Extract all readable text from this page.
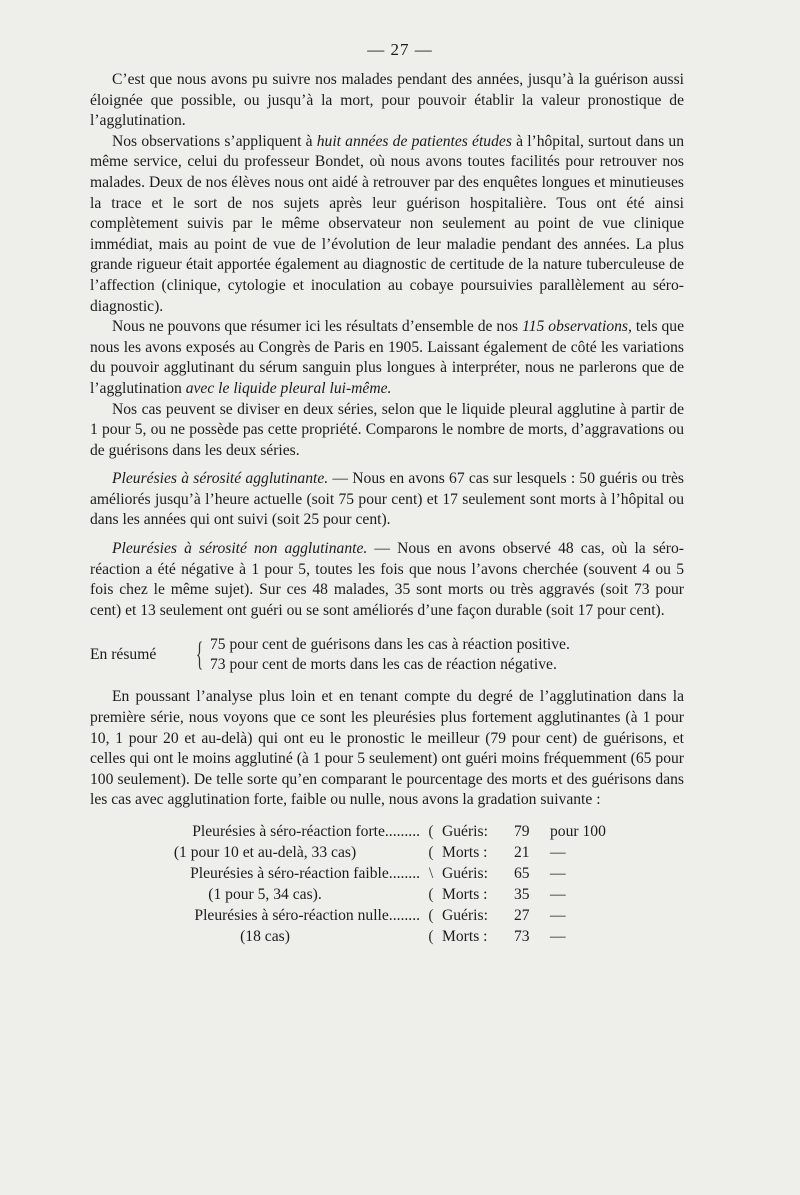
— 27 —

C’est que nous avons pu suivre nos malades pendant des années, jusqu’à la guérison aussi éloignée que possible, ou jusqu’à la mort, pour pouvoir établir la valeur pronostique de l’agglutination.

Nos observations s’appliquent à huit années de patientes études à l’hôpital, surtout dans un même service, celui du professeur Bondet, où nous avons toutes facilités pour retrouver nos malades. Deux de nos élèves nous ont aidé à retrouver par des enquêtes longues et minutieuses la trace et le sort de nos sujets après leur guérison hospitalière. Tous ont été ainsi complètement suivis par le même observateur non seulement au point de vue clinique immédiat, mais au point de vue de l’évolution de leur maladie pendant des années. La plus grande rigueur était apportée également au diagnostic de certitude de la nature tuberculeuse de l’affection (clinique, cytologie et inoculation au cobaye poursuivies parallèlement au séro-diagnostic).

Nous ne pouvons que résumer ici les résultats d’ensemble de nos 115 observations, tels que nous les avons exposés au Congrès de Paris en 1905. Laissant également de côté les variations du pouvoir agglutinant du sérum sanguin plus longues à interpréter, nous ne parlerons que de l’agglutination avec le liquide pleural lui-même.

Nos cas peuvent se diviser en deux séries, selon que le liquide pleural agglutine à partir de 1 pour 5, ou ne possède pas cette propriété. Comparons le nombre de morts, d’aggravations ou de guérisons dans les deux séries.

Pleurésies à sérosité agglutinante. — Nous en avons 67 cas sur lesquels : 50 guéris ou très améliorés jusqu’à l’heure actuelle (soit 75 pour cent) et 17 seulement sont morts à l’hôpital ou dans les années qui ont suivi (soit 25 pour cent).

Pleurésies à sérosité non agglutinante. — Nous en avons observé 48 cas, où la séro-réaction a été négative à 1 pour 5, toutes les fois que nous l’avons cherchée (souvent 4 ou 5 fois chez le même sujet). Sur ces 48 malades, 35 sont morts ou très aggravés (soit 73 pour cent) et 13 seulement ont guéri ou se sont améliorés d’une façon durable (soit 17 pour cent).

En résumé	{ 75 pour cent de guérisons dans les cas à réaction positive.
73 pour cent de morts dans les cas de réaction négative.

En poussant l’analyse plus loin et en tenant compte du degré de l’agglutination dans la première série, nous voyons que ce sont les pleurésies plus fortement agglutinantes (à 1 pour 10, 1 pour 20 et au-delà) qui ont eu le pronostic le meilleur (79 pour cent) de guérisons, et celles qui ont le moins agglutiné (à 1 pour 5 seulement) ont guéri moins fréquemment (65 pour 100 seulement). De telle sorte qu’en comparant le pourcentage des morts et des guérisons dans les cas avec agglutination forte, faible ou nulle, nous avons la gradation suivante :

Pleurésies à séro-réaction forte......... ( Guéris:	79	pour 100
(1 pour 10 et au-delà, 33 cas)	( Morts :	21	—
Pleurésies à séro-réaction faible........ \ Guéris:	65	—
(1 pour 5, 34 cas).	( Morts :	35	—
Pleurésies à séro-réaction nulle........ ( Guéris:	27	—
(18 cas)	( Morts :	73	—
